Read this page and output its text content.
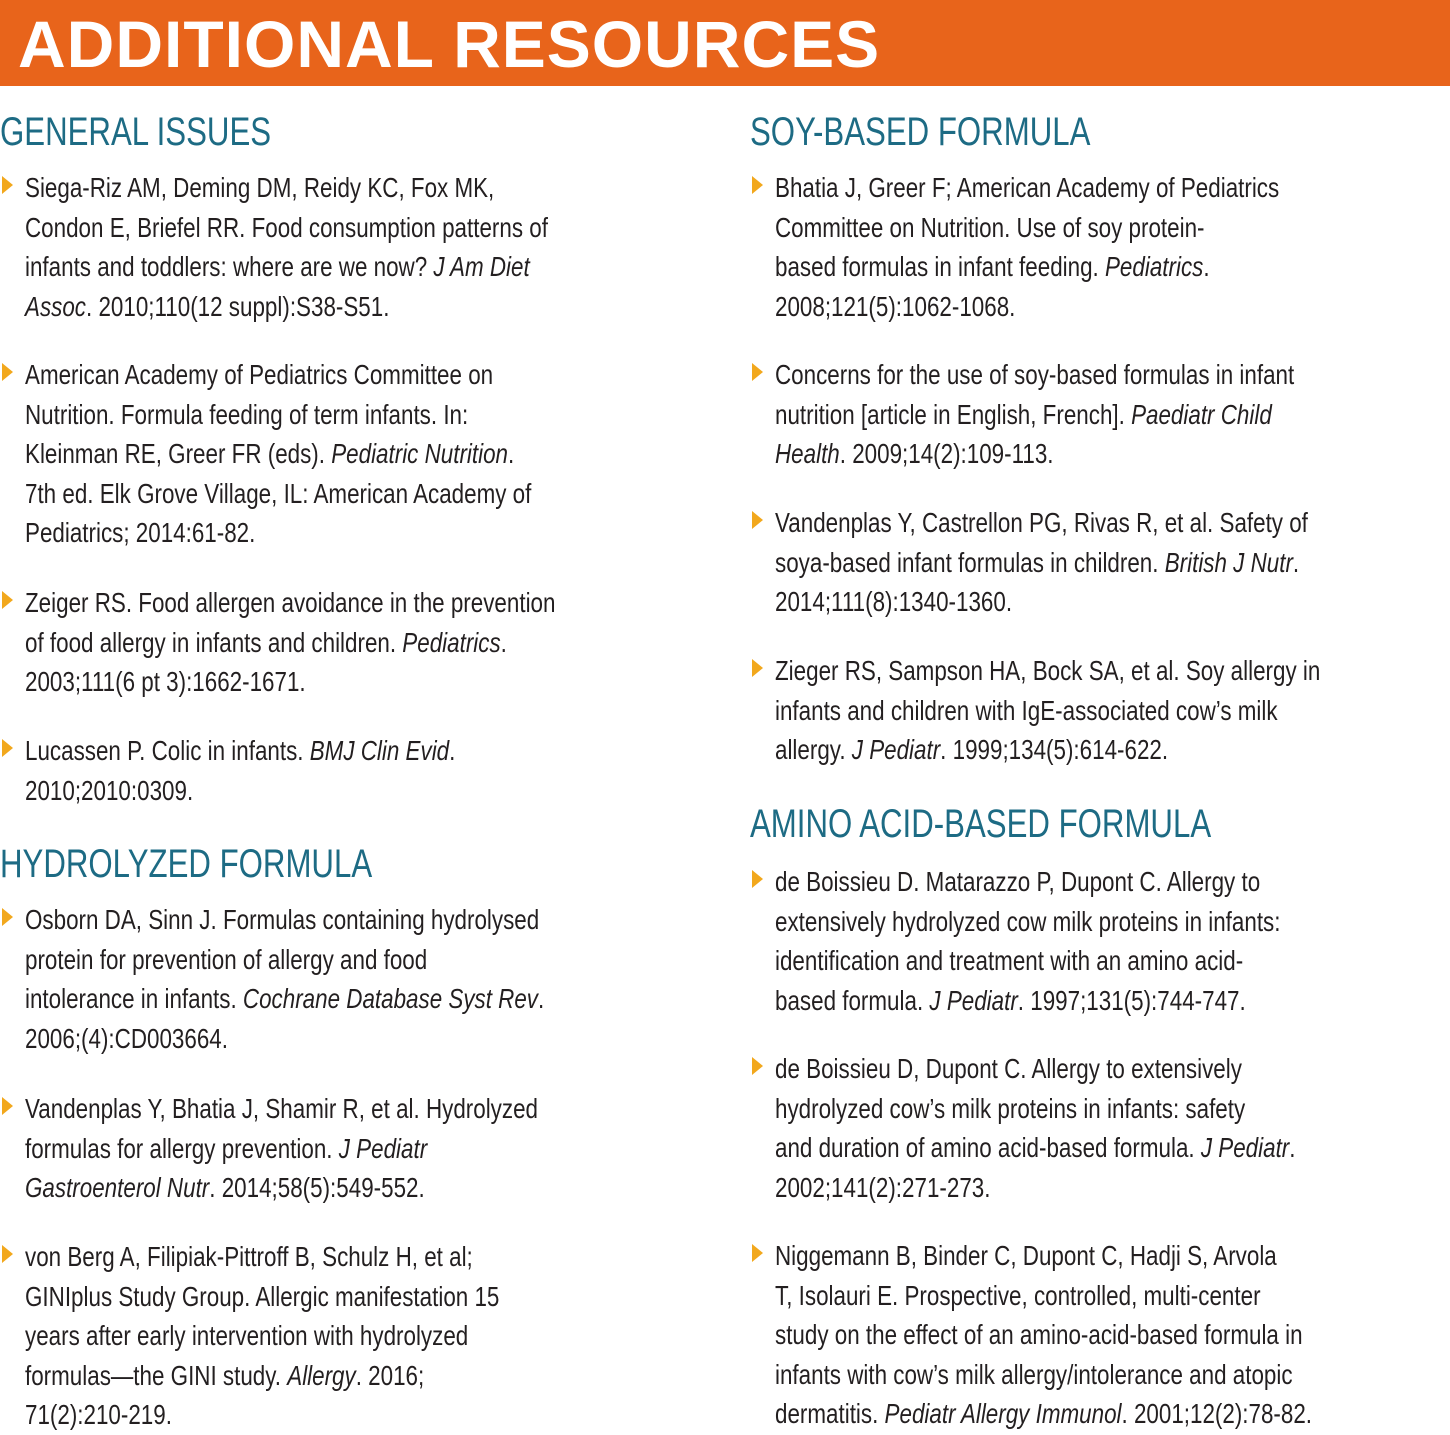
ADDITIONAL RESOURCES
GENERAL ISSUES
Siega-Riz AM, Deming DM, Reidy KC, Fox MK,
Condon E, Briefel RR. Food consumption patterns of
infants and toddlers: where are we now? J Am Diet
Assoc. 2010;110(12 suppl):S38-S51.
American Academy of Pediatrics Committee on
Nutrition. Formula feeding of term infants. In:
Kleinman RE, Greer FR (eds). Pediatric Nutrition.
7th ed. Elk Grove Village, IL: American Academy of
Pediatrics; 2014:61-82.
Zeiger RS. Food allergen avoidance in the prevention
of food allergy in infants and children. Pediatrics.
2003;111(6 pt 3):1662-1671.
Lucassen P. Colic in infants. BMJ Clin Evid.
2010;2010:0309.
HYDROLYZED FORMULA
Osborn DA, Sinn J. Formulas containing hydrolysed
protein for prevention of allergy and food
intolerance in infants. Cochrane Database Syst Rev.
2006;(4):CD003664.
Vandenplas Y, Bhatia J, Shamir R, et al. Hydrolyzed
formulas for allergy prevention. J Pediatr
Gastroenterol Nutr. 2014;58(5):549-552.
von Berg A, Filipiak-Pittroff B, Schulz H, et al;
GINIplus Study Group. Allergic manifestation 15
years after early intervention with hydrolyzed
formulas—the GINI study. Allergy. 2016;
71(2):210-219.
SOY-BASED FORMULA
Bhatia J, Greer F; American Academy of Pediatrics
Committee on Nutrition. Use of soy protein-
based formulas in infant feeding. Pediatrics.
2008;121(5):1062-1068.
Concerns for the use of soy-based formulas in infant
nutrition [article in English, French]. Paediatr Child
Health. 2009;14(2):109-113.
Vandenplas Y, Castrellon PG, Rivas R, et al. Safety of
soya-based infant formulas in children. British J Nutr.
2014;111(8):1340-1360.
Zieger RS, Sampson HA, Bock SA, et al. Soy allergy in
infants and children with IgE-associated cow’s milk
allergy. J Pediatr. 1999;134(5):614-622.
AMINO ACID-BASED FORMULA
de Boissieu D. Matarazzo P, Dupont C. Allergy to
extensively hydrolyzed cow milk proteins in infants:
identification and treatment with an amino acid-
based formula. J Pediatr. 1997;131(5):744-747.
de Boissieu D, Dupont C. Allergy to extensively
hydrolyzed cow’s milk proteins in infants: safety
and duration of amino acid-based formula. J Pediatr.
2002;141(2):271-273.
Niggemann B, Binder C, Dupont C, Hadji S, Arvola
T, Isolauri E. Prospective, controlled, multi-center
study on the effect of an amino-acid-based formula in
infants with cow’s milk allergy/intolerance and atopic
dermatitis. Pediatr Allergy Immunol. 2001;12(2):78-82.
